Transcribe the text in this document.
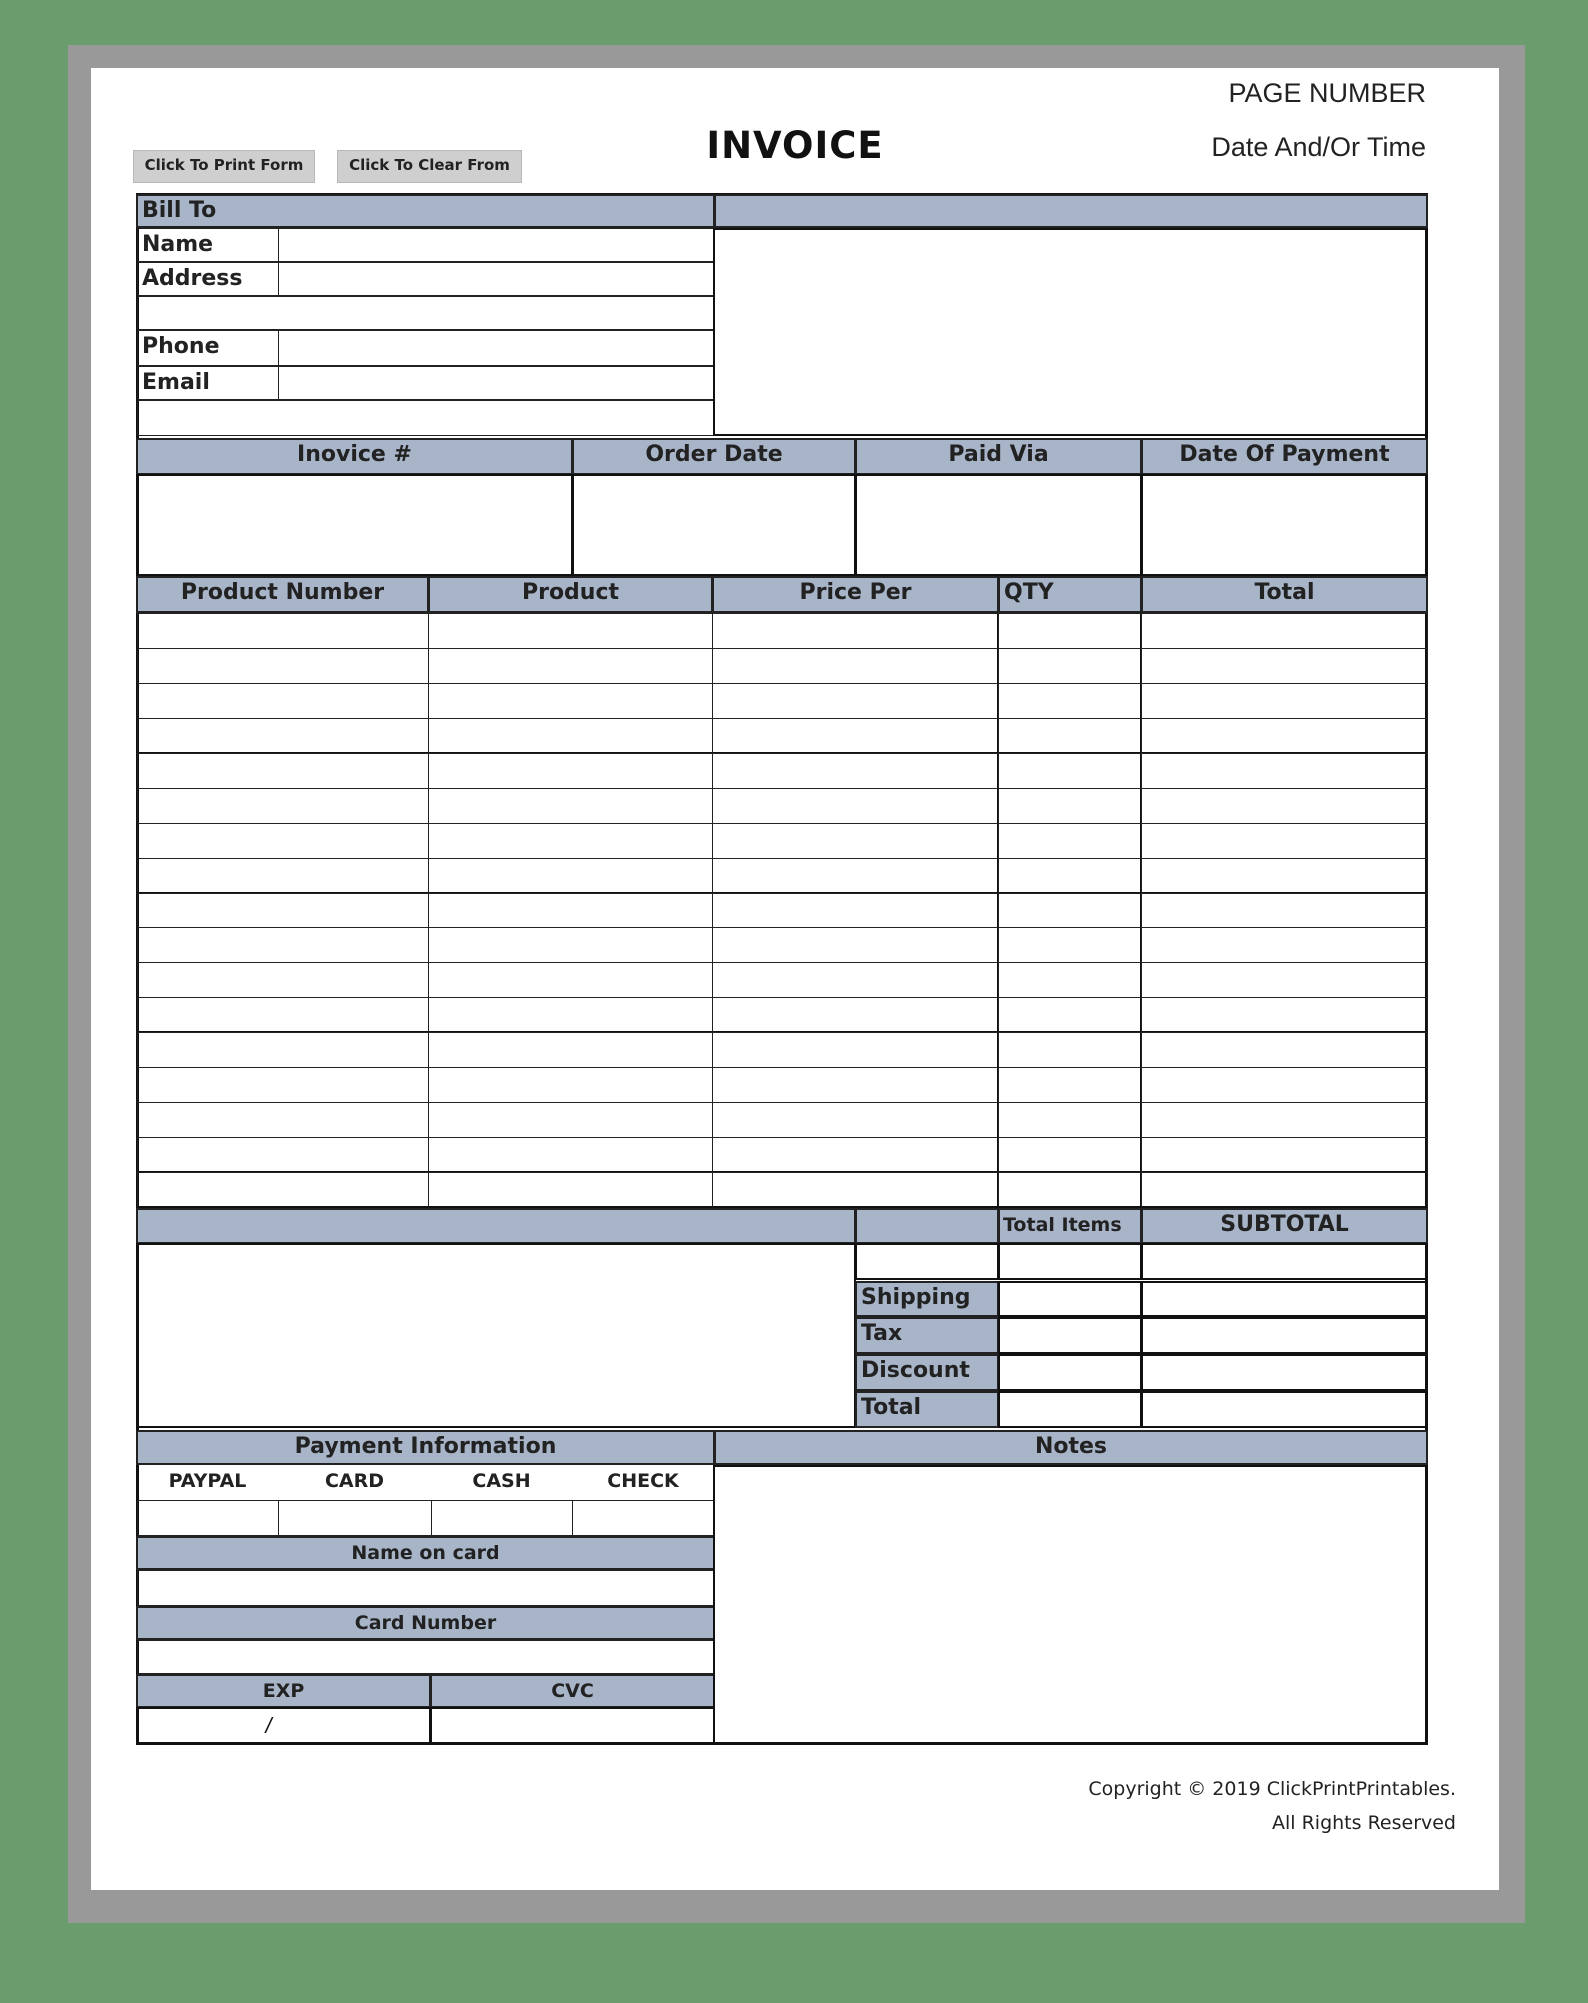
Click To Print Form	Click To Clear From	INVOICE
PAGE NUMBER
Date And/Or Time
Bill To
Name
Address
Phone
Email
Inovice #	Order Date	Paid Via	Date Of Payment
Product Number	Product	Price Per	QTY	Total
Total Items	SUBTOTAL
Shipping
Tax
Discount
Total
Payment Information	Notes
PAYPAL	CARD	CASH	CHECK
Name on card
Card Number
EXP	CVC
/
Copyright © 2019 ClickPrintPrintables.
All Rights Reserved
